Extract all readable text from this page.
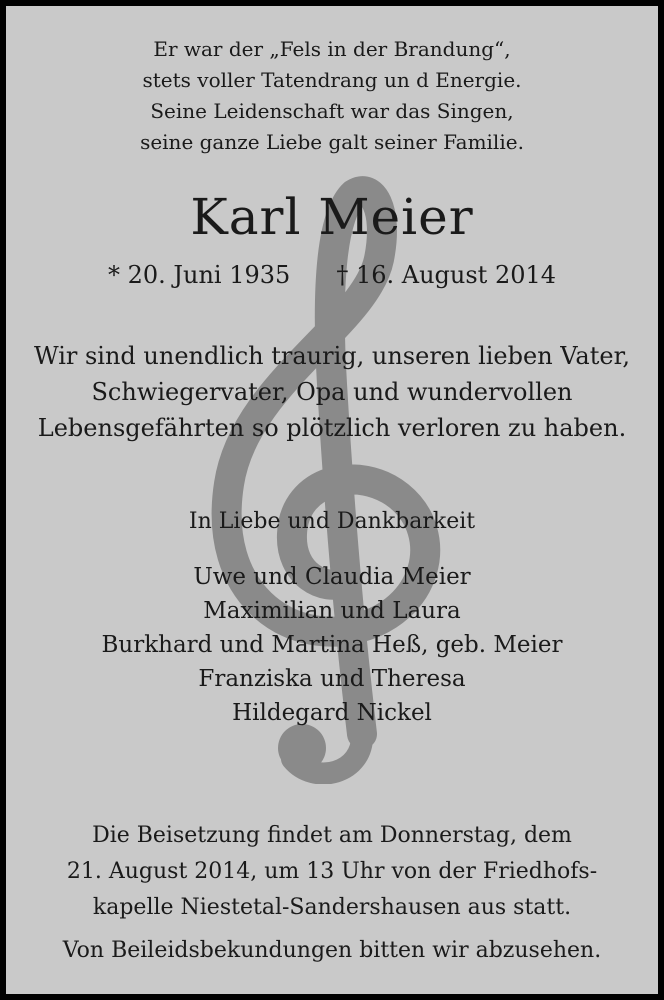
Er war der „Fels in der Brandung“,
stets voller Tatendrang un d Energie.
Seine Leidenschaft war das Singen,
seine ganze Liebe galt seiner Familie.
Karl Meier
* 20. Juni 1935 † 16. August 2014
Wir sind unendlich traurig, unseren lieben Vater,
Schwiegervater, Opa und wundervollen
Lebensgefährten so plötzlich verloren zu haben.
In Liebe und Dankbarkeit
Uwe und Claudia Meier
Maximilian und Laura
Burkhard und Martina Heß, geb. Meier
Franziska und Theresa
Hildegard Nickel
Die Beisetzung findet am Donnerstag, dem
21. August 2014, um 13 Uhr von der Friedhofs-
kapelle Niestetal-Sandershausen aus statt.
Von Beileidsbekundungen bitten wir abzusehen.
